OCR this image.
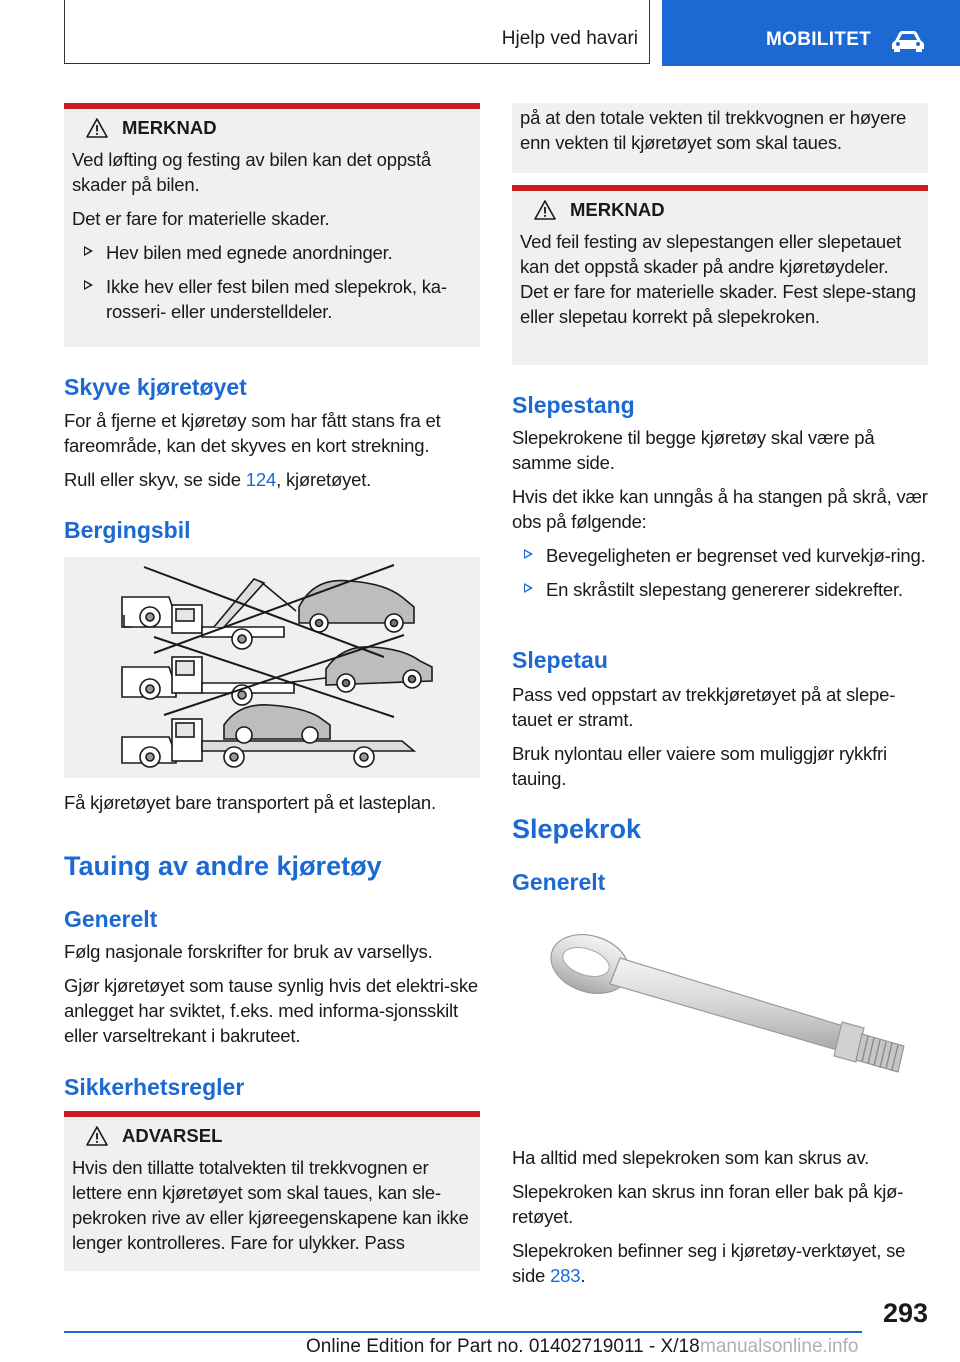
Hjelp ved havari	MOBILITET
MERKNAD

Ved løfting og festing av bilen kan det oppstå skader på bilen.

Det er fare for materielle skader.

Hev bilen med egnede anordninger.
Ikke hev eller fest bilen med slepekrok, ka-rosseri- eller understelldeler.
Skyve kjøretøyet

For å fjerne et kjøretøy som har fått stans fra et fareområde, kan det skyves en kort strekning.

Rull eller skyv, se side 124, kjøretøyet.

Bergingsbil

Få kjøretøyet bare transportert på et lasteplan.

Tauing av andre kjøretøy
Generelt

Følg nasjonale forskrifter for bruk av varsellys.

Gjør kjøretøyet som tause synlig hvis det elektri-ske anlegget har sviktet, f.eks. med informa-sjonsskilt eller varseltrekant i bakruteet.

Sikkerhetsregler
ADVARSEL

Hvis den tillatte totalvekten til trekkvognen er lettere enn kjøretøyet som skal taues, kan sle-pekroken rive av eller kjøreegenskapene kan ikke lenger kontrolleres. Fare for ulykker. Pass

på at den totale vekten til trekkvognen er høyere enn vekten til kjøretøyet som skal taues.

MERKNAD

Ved feil festing av slepestangen eller slepetauet kan det oppstå skader på andre kjøretøydeler. Det er fare for materielle skader. Fest slepe-stang eller slepetau korrekt på slepekroken.

Slepestang

Slepekrokene til begge kjøretøy skal være på samme side.

Hvis det ikke kan unngås å ha stangen på skrå, vær obs på følgende:

Bevegeligheten er begrenset ved kurvekjø-ring.
En skråstilt slepestang genererer sidekrefter.
Slepetau

Pass ved oppstart av trekkjøretøyet på at slepe-tauet er stramt.

Bruk nylontau eller vaiere som muliggjør rykkfri tauing.

Slepekrok
Generelt

Ha alltid med slepekroken som kan skrus av.

Slepekroken kan skrus inn foran eller bak på kjø-retøyet.

Slepekroken befinner seg i kjøretøy-verktøyet, se side 283.

293
Online Edition for Part no. 01402719011 - X/18 manualsonline.info
